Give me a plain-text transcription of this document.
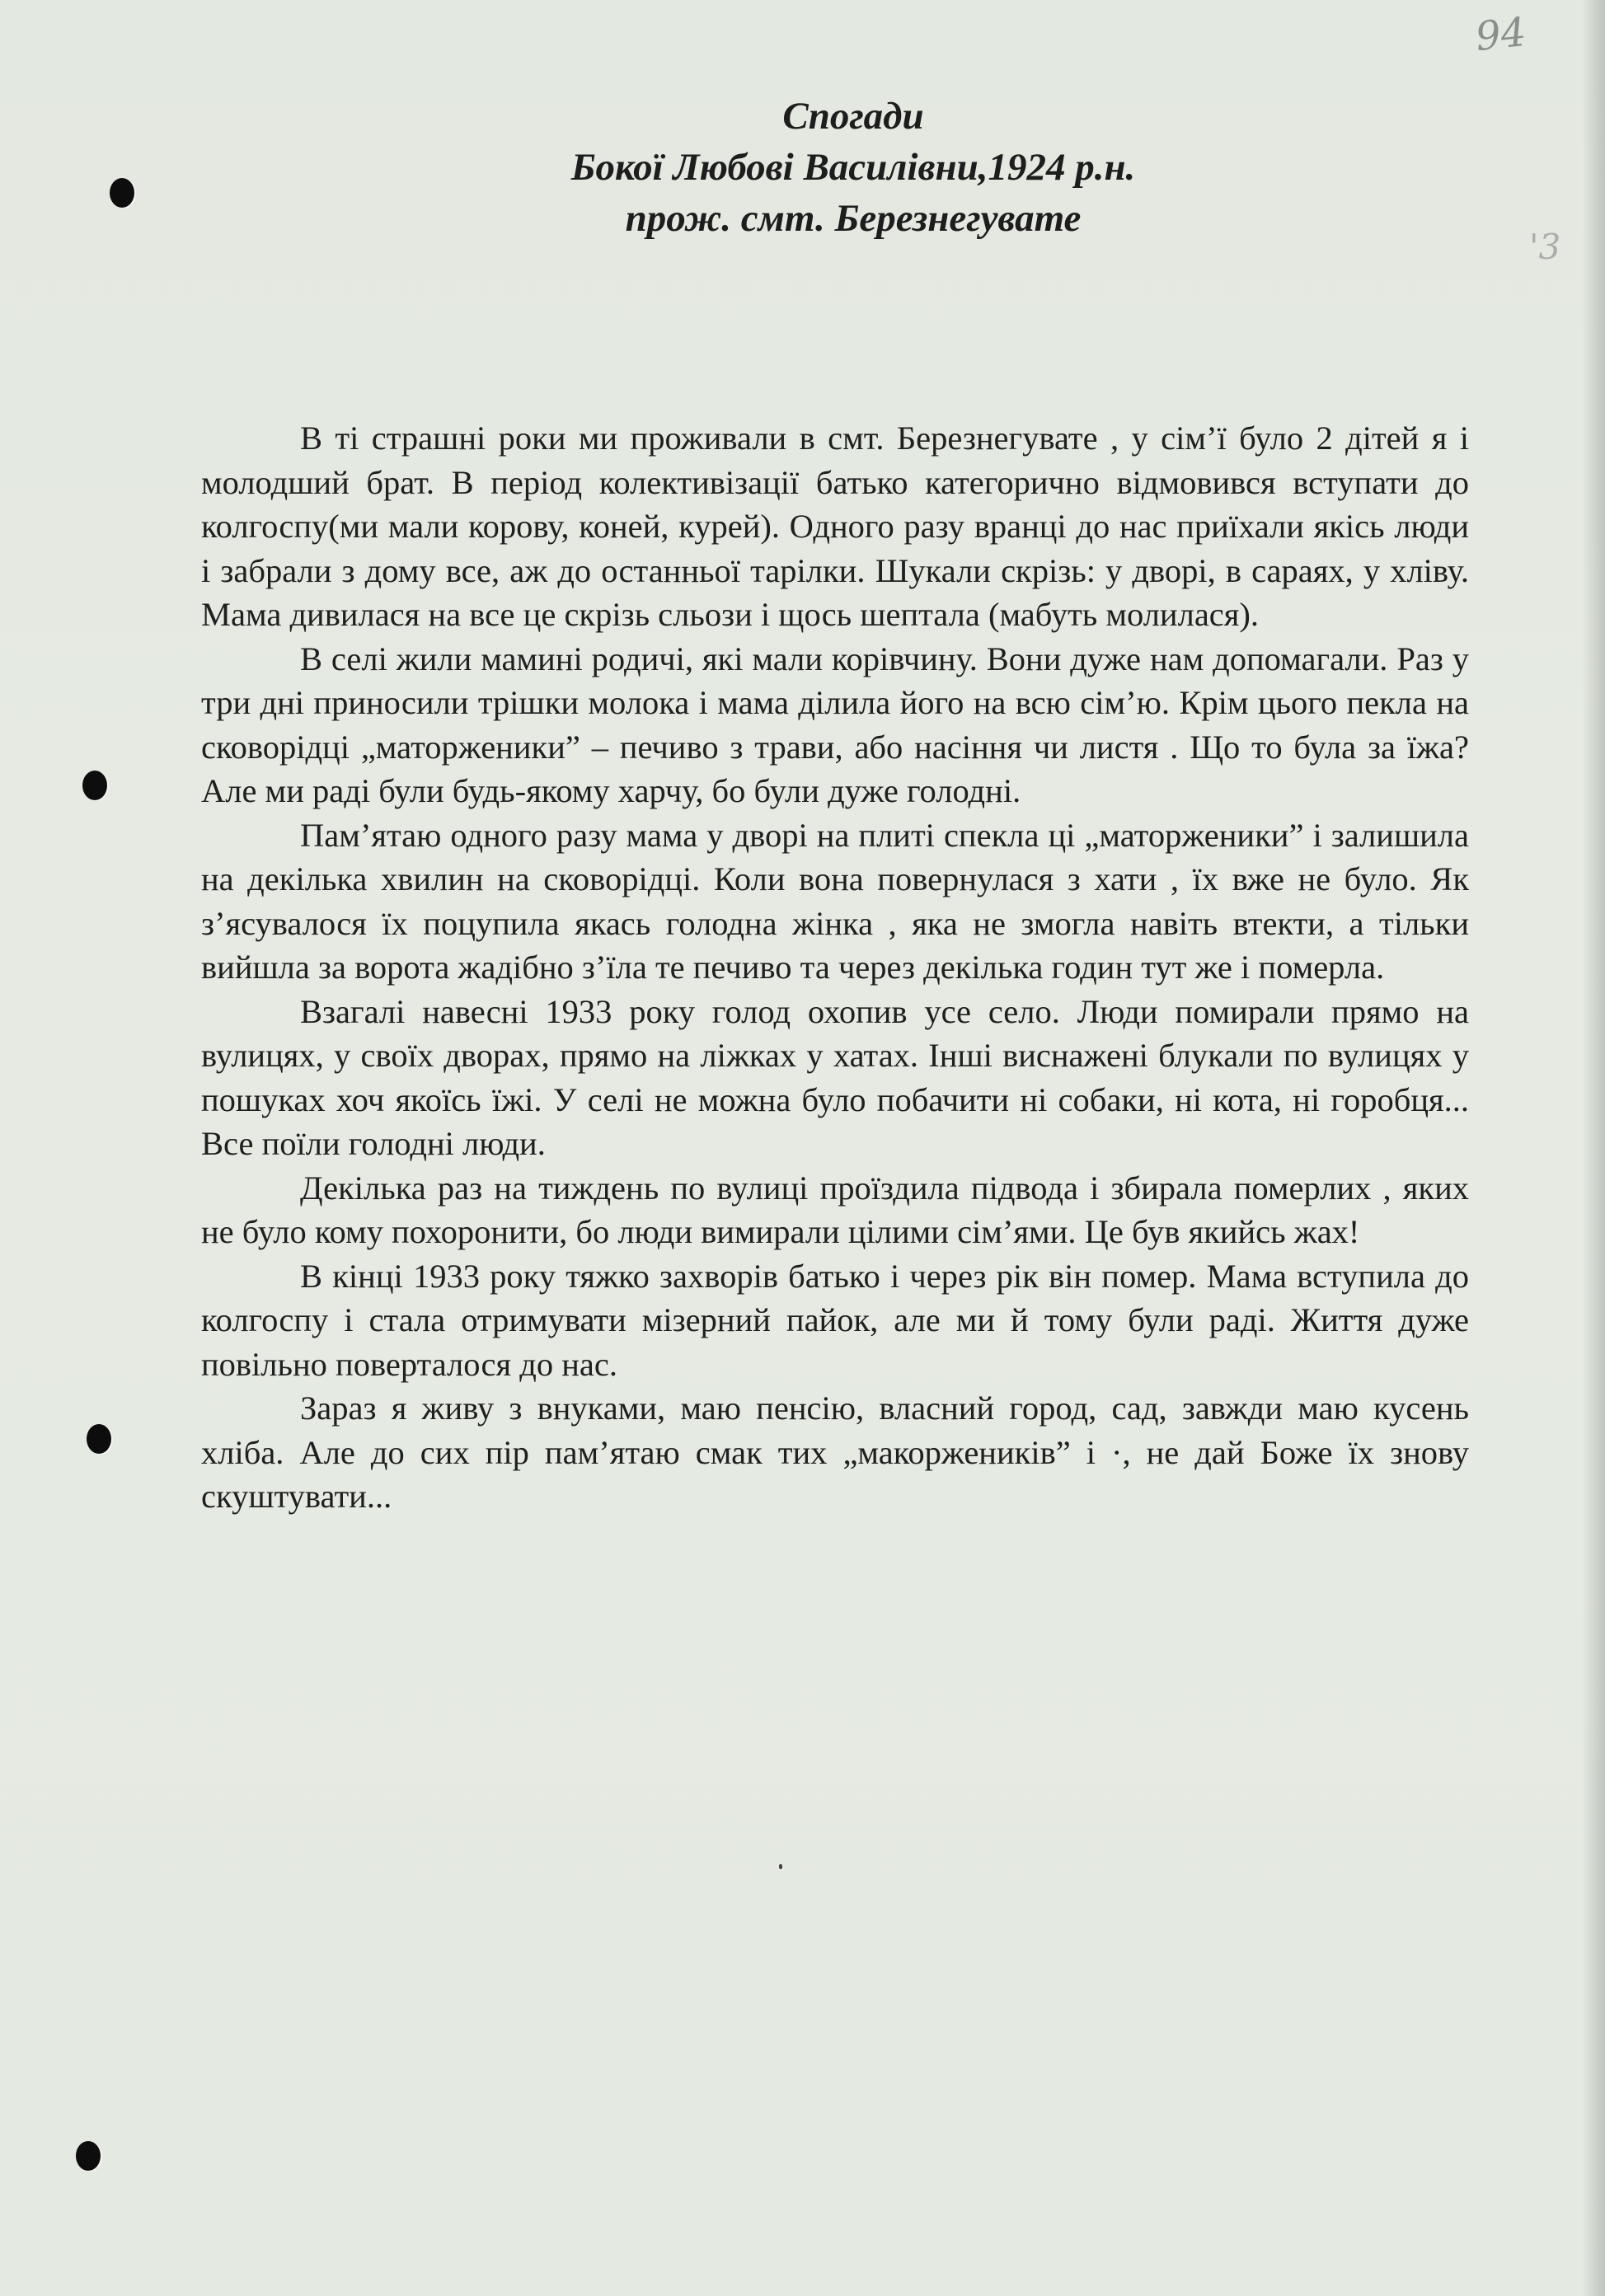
94
'3
Спогади
Бокої Любові Василівни,1924 р.н.
прож. смт. Березнегувате

В ті страшні роки ми проживали в смт. Березнегувате , у сім’ї було 2 дітей я і молодший брат. В період колективізації батько категорично відмовився вступати до колгоспу(ми мали корову, коней, курей). Одного разу вранці до нас приїхали якісь люди і забрали з дому все, аж до останньої тарілки. Шукали скрізь: у дворі, в сараях, у хліву. Мама дивилася на все це скрізь сльози і щось шептала (мабуть молилася).

В селі жили мамині родичі, які мали корівчину. Вони дуже нам допомагали. Раз у три дні приносили трішки молока і мама ділила його на всю сім’ю. Крім цього пекла на сковорідці „маторженики” – печиво з трави, або насіння чи листя . Що то була за їжа? Але ми раді були будь-якому харчу, бо були дуже голодні.

Пам’ятаю одного разу мама у дворі на плиті спекла ці „маторженики” і залишила на декілька хвилин на сковорідці. Коли вона повернулася з хати , їх вже не було. Як з’ясувалося їх поцупила якась голодна жінка , яка не змогла навіть втекти, а тільки вийшла за ворота жадібно з’їла те печиво та через декілька годин тут же і померла.

Взагалі навесні 1933 року голод охопив усе село. Люди помирали прямо на вулицях, у своїх дворах, прямо на ліжках у хатах. Інші виснажені блукали по вулицях у пошуках хоч якоїсь їжі. У селі не можна було побачити ні собаки, ні кота, ні горобця... Все поїли голодні люди.

Декілька раз на тиждень по вулиці проїздила підвода і збирала померлих , яких не було кому похоронити, бо люди вимирали цілими сім’ями. Це був якийсь жах!

В кінці 1933 року тяжко захворів батько і через рік він помер. Мама вступила до колгоспу і стала отримувати мізерний пайок, але ми й тому були раді. Життя дуже повільно поверталося до нас.

Зараз я живу з внуками, маю пенсію, власний город, сад, завжди маю кусень хліба. Але до сих пір пам’ятаю смак тих „макорженикiв” і ·, не дай Боже їх знову скуштувати...
